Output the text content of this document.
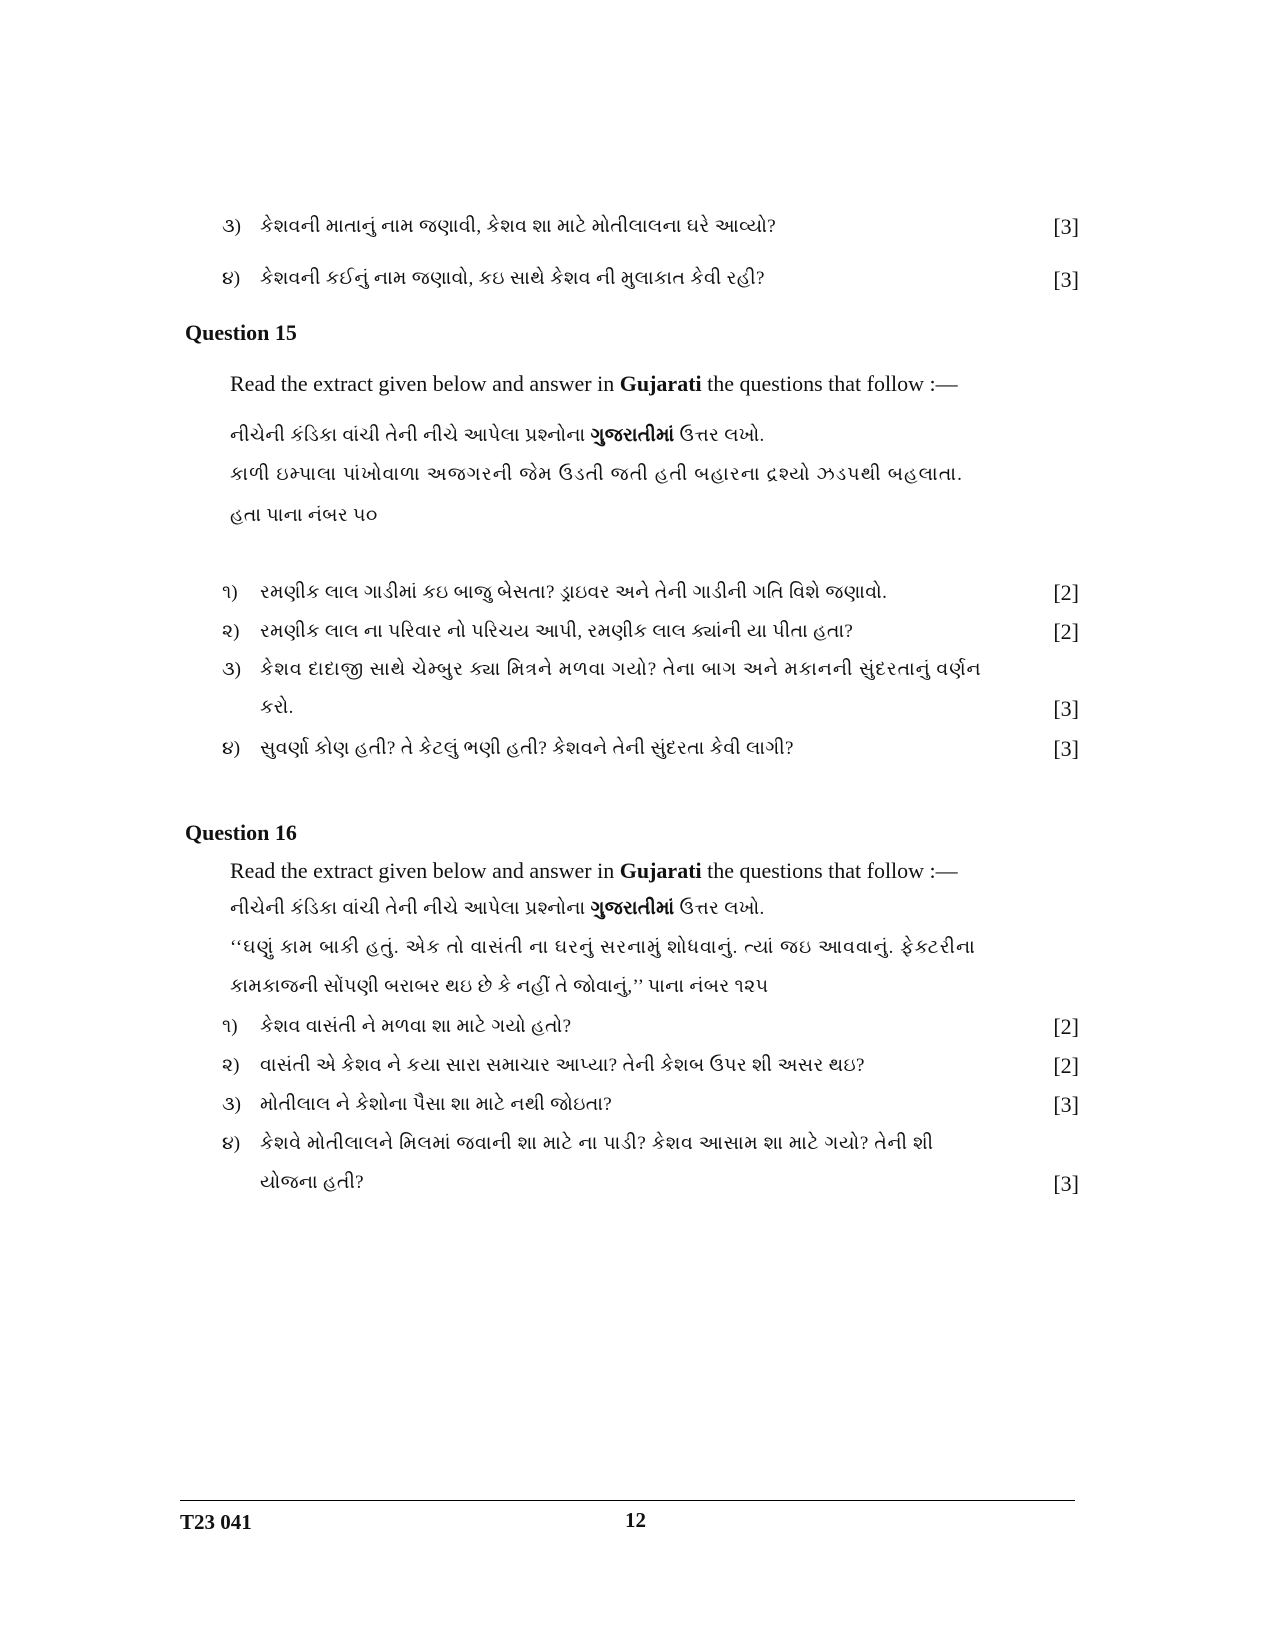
૩) કેશવની માતાનું નામ જણાવી, કેશવ શા માટે મોતીલાલના ઘરે આવ્યો?	[3]
૪) કેશવની કઈનું નામ જણાવો, કઇ સાથે કેશવ ની મુલાકાત કેવી રહી?	[3]
Question 15
Read the extract given below and answer in Gujarati the questions that follow :—
નીચેની કંડિકા વાંચી તેની નીચે આપેલા પ્રશ્નોના ગુજરાતીમાં ઉત્તર લખો.
કાળી ઇમ્પાલા પાંખોવાળા અજગરની જેમ ઉડતી જતી હતી બહારના દ્રશ્યો ઝડપથી બહલાતા.
હતા પાના નંબર ૫૦
૧) રમણીક લાલ ગાડીમાં કઇ બાજુ બેસતા? ડ્રાઇવર અને તેની ગાડીની ગતિ વિશે જણાવો.	[2]
૨) રમણીક લાલ ના પરિવાર નો પરિચય આપી, રમણીક લાલ ક્યાંની યા પીતા હતા?	[2]
૩) કેશવ દાદાજી સાથે ચેમ્બુર ક્યા મિત્રને મળવા ગયો? તેના બાગ અને મકાનની સુંદરતાનું વર્ણન
કરો.	[3]
૪) સુવર્ણા કોણ હતી? તે કેટલું ભણી હતી? કેશવને તેની સુંદરતા કેવી લાગી?	[3]
Question 16
Read the extract given below and answer in Gujarati the questions that follow :—
નીચેની કંડિકા વાંચી તેની નીચે આપેલા પ્રશ્નોના ગુજરાતીમાં ઉત્તર લખો.
‘‘ઘણું કામ બાકી હતું. એક તો વાસંતી ના ઘરનું સરનામું શોધવાનું. ત્યાં જઇ આવવાનું. ફેક્ટરીના
કામકાજની સોંપણી બરાબર થઇ છે કે નહીં તે જોવાનું,’’ પાના નંબર ૧૨૫
૧) કેશવ વાસંતી ને મળવા શા માટે ગયો હતો?	[2]
૨) વાસંતી એ કેશવ ને કયા સારા સમાચાર આપ્યા? તેની કેશબ ઉપર શી અસર થઇ?	[2]
૩) મોતીલાલ ને કેશોના પૈસા શા માટે નથી જોઇતા?	[3]
૪) કેશવે મોતીલાલને મિલમાં જવાની શા માટે ના પાડી? કેશવ આસામ શા માટે ગયો? તેની શી
યોજના હતી?	[3]
T23 041	12
